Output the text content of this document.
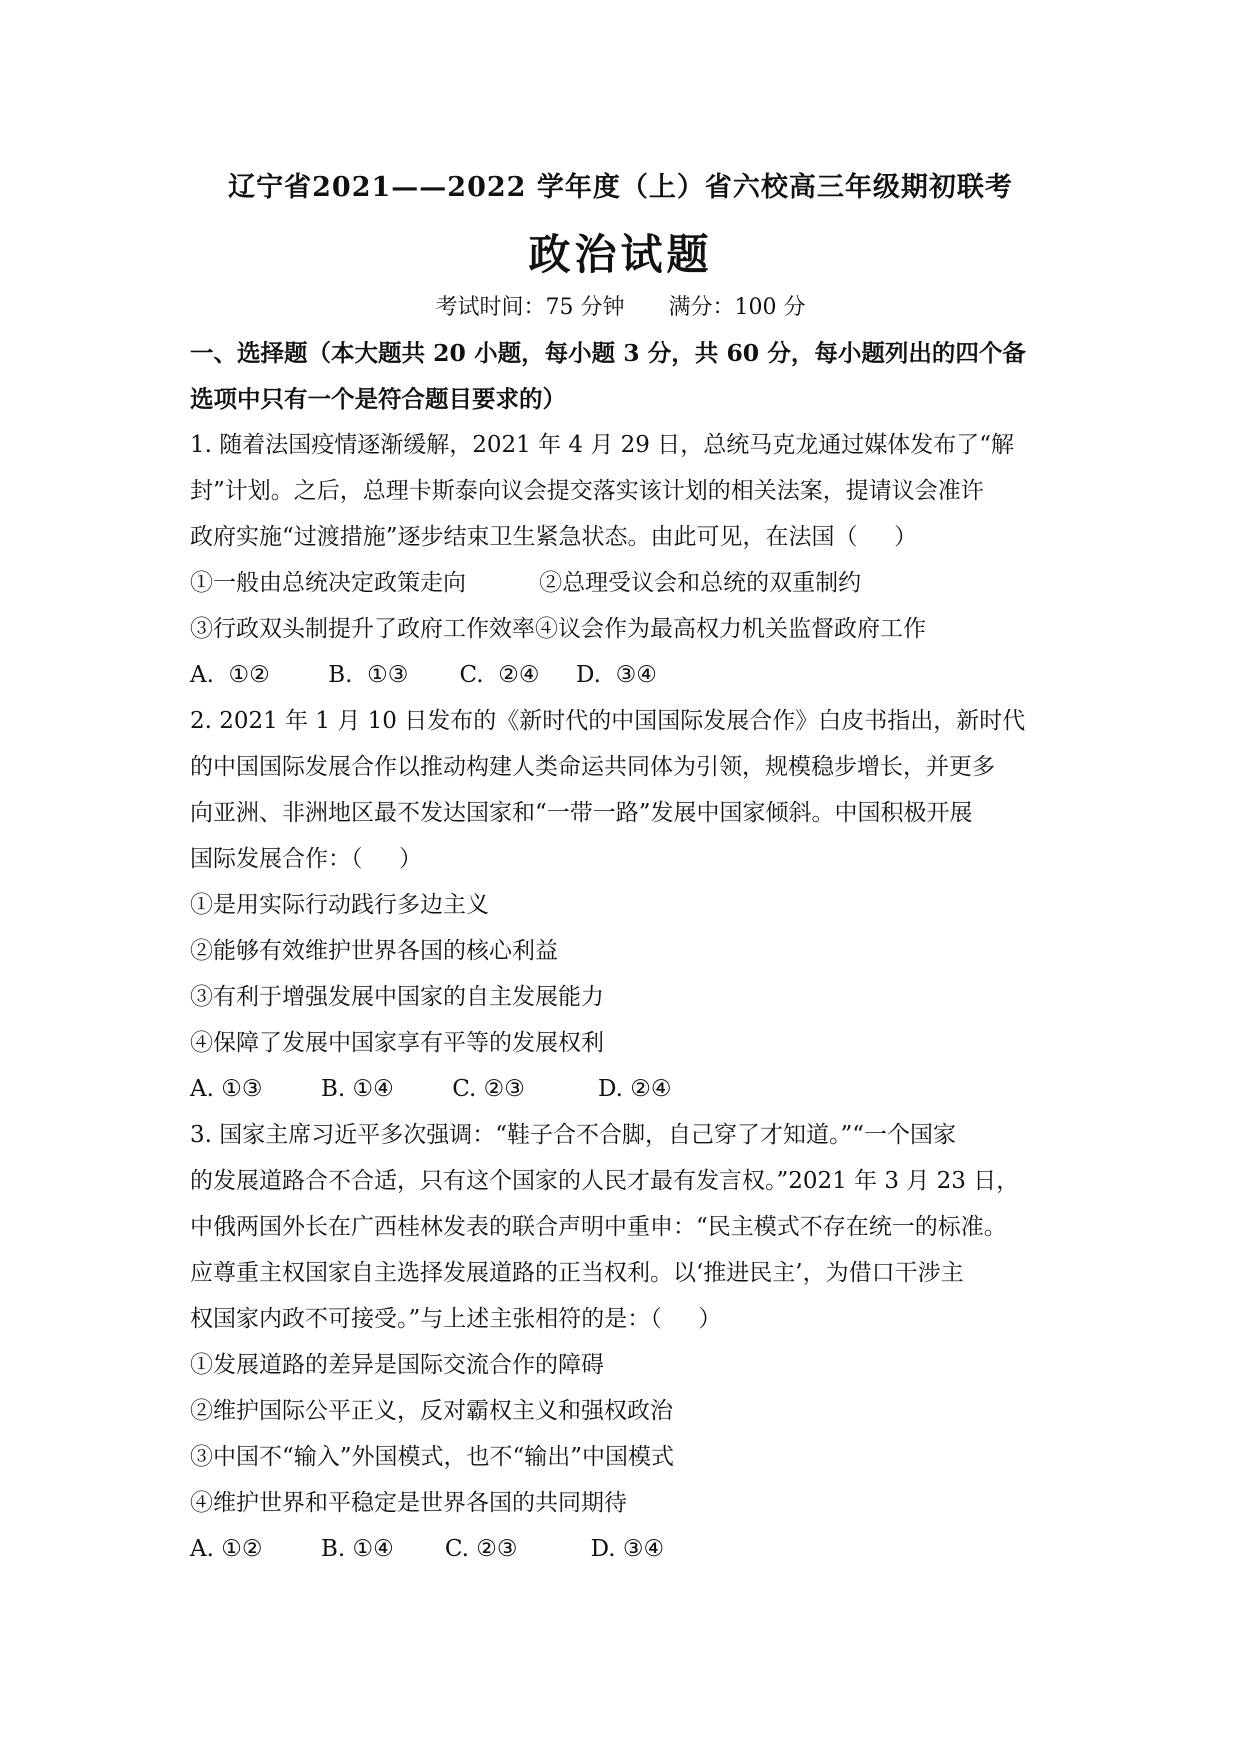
辽宁省2021——2022 学年度（上）省六校高三年级期初联考
政治试题
考试时间：75 分钟 满分：100 分
一、选择题（本大题共 20 小题，每小题 3 分，共 60 分，每小题列出的四个备
选项中只有一个是符合题目要求的）
1. 随着法国疫情逐渐缓解，2021 年 4 月 29 日，总统马克龙通过媒体发布了“解
封”计划。之后，总理卡斯泰向议会提交落实该计划的相关法案，提请议会准许
政府实施“过渡措施”逐步结束卫生紧急状态。由此可见，在法国（     ）
①一般由总统决定政策走向          ②总理受议会和总统的双重制约
③行政双头制提升了政府工作效率④议会作为最高权力机关监督政府工作
A.  ①②        B.  ①③       C.  ②④     D.  ③④
2. 2021 年 1 月 10 日发布的《新时代的中国国际发展合作》白皮书指出，新时代
的中国国际发展合作以推动构建人类命运共同体为引领，规模稳步增长，并更多
向亚洲、非洲地区最不发达国家和“一带一路”发展中国家倾斜。中国积极开展
国际发展合作：（     ）
①是用实际行动践行多边主义
②能够有效维护世界各国的核心利益
③有利于增强发展中国家的自主发展能力
④保障了发展中国家享有平等的发展权利
A. ①③        B. ①④        C. ②③          D. ②④
3. 国家主席习近平多次强调：“鞋子合不合脚，自己穿了才知道。”“一个国家
的发展道路合不合适，只有这个国家的人民才最有发言权。”2021 年 3 月 23 日，
中俄两国外长在广西桂林发表的联合声明中重申：“民主模式不存在统一的标准。
应尊重主权国家自主选择发展道路的正当权利。以‘推进民主’，为借口干涉主
权国家内政不可接受。”与上述主张相符的是：（     ）
①发展道路的差异是国际交流合作的障碍
②维护国际公平正义，反对霸权主义和强权政治
③中国不“输入”外国模式，也不“输出”中国模式
④维护世界和平稳定是世界各国的共同期待
A. ①②        B. ①④       C. ②③          D. ③④
